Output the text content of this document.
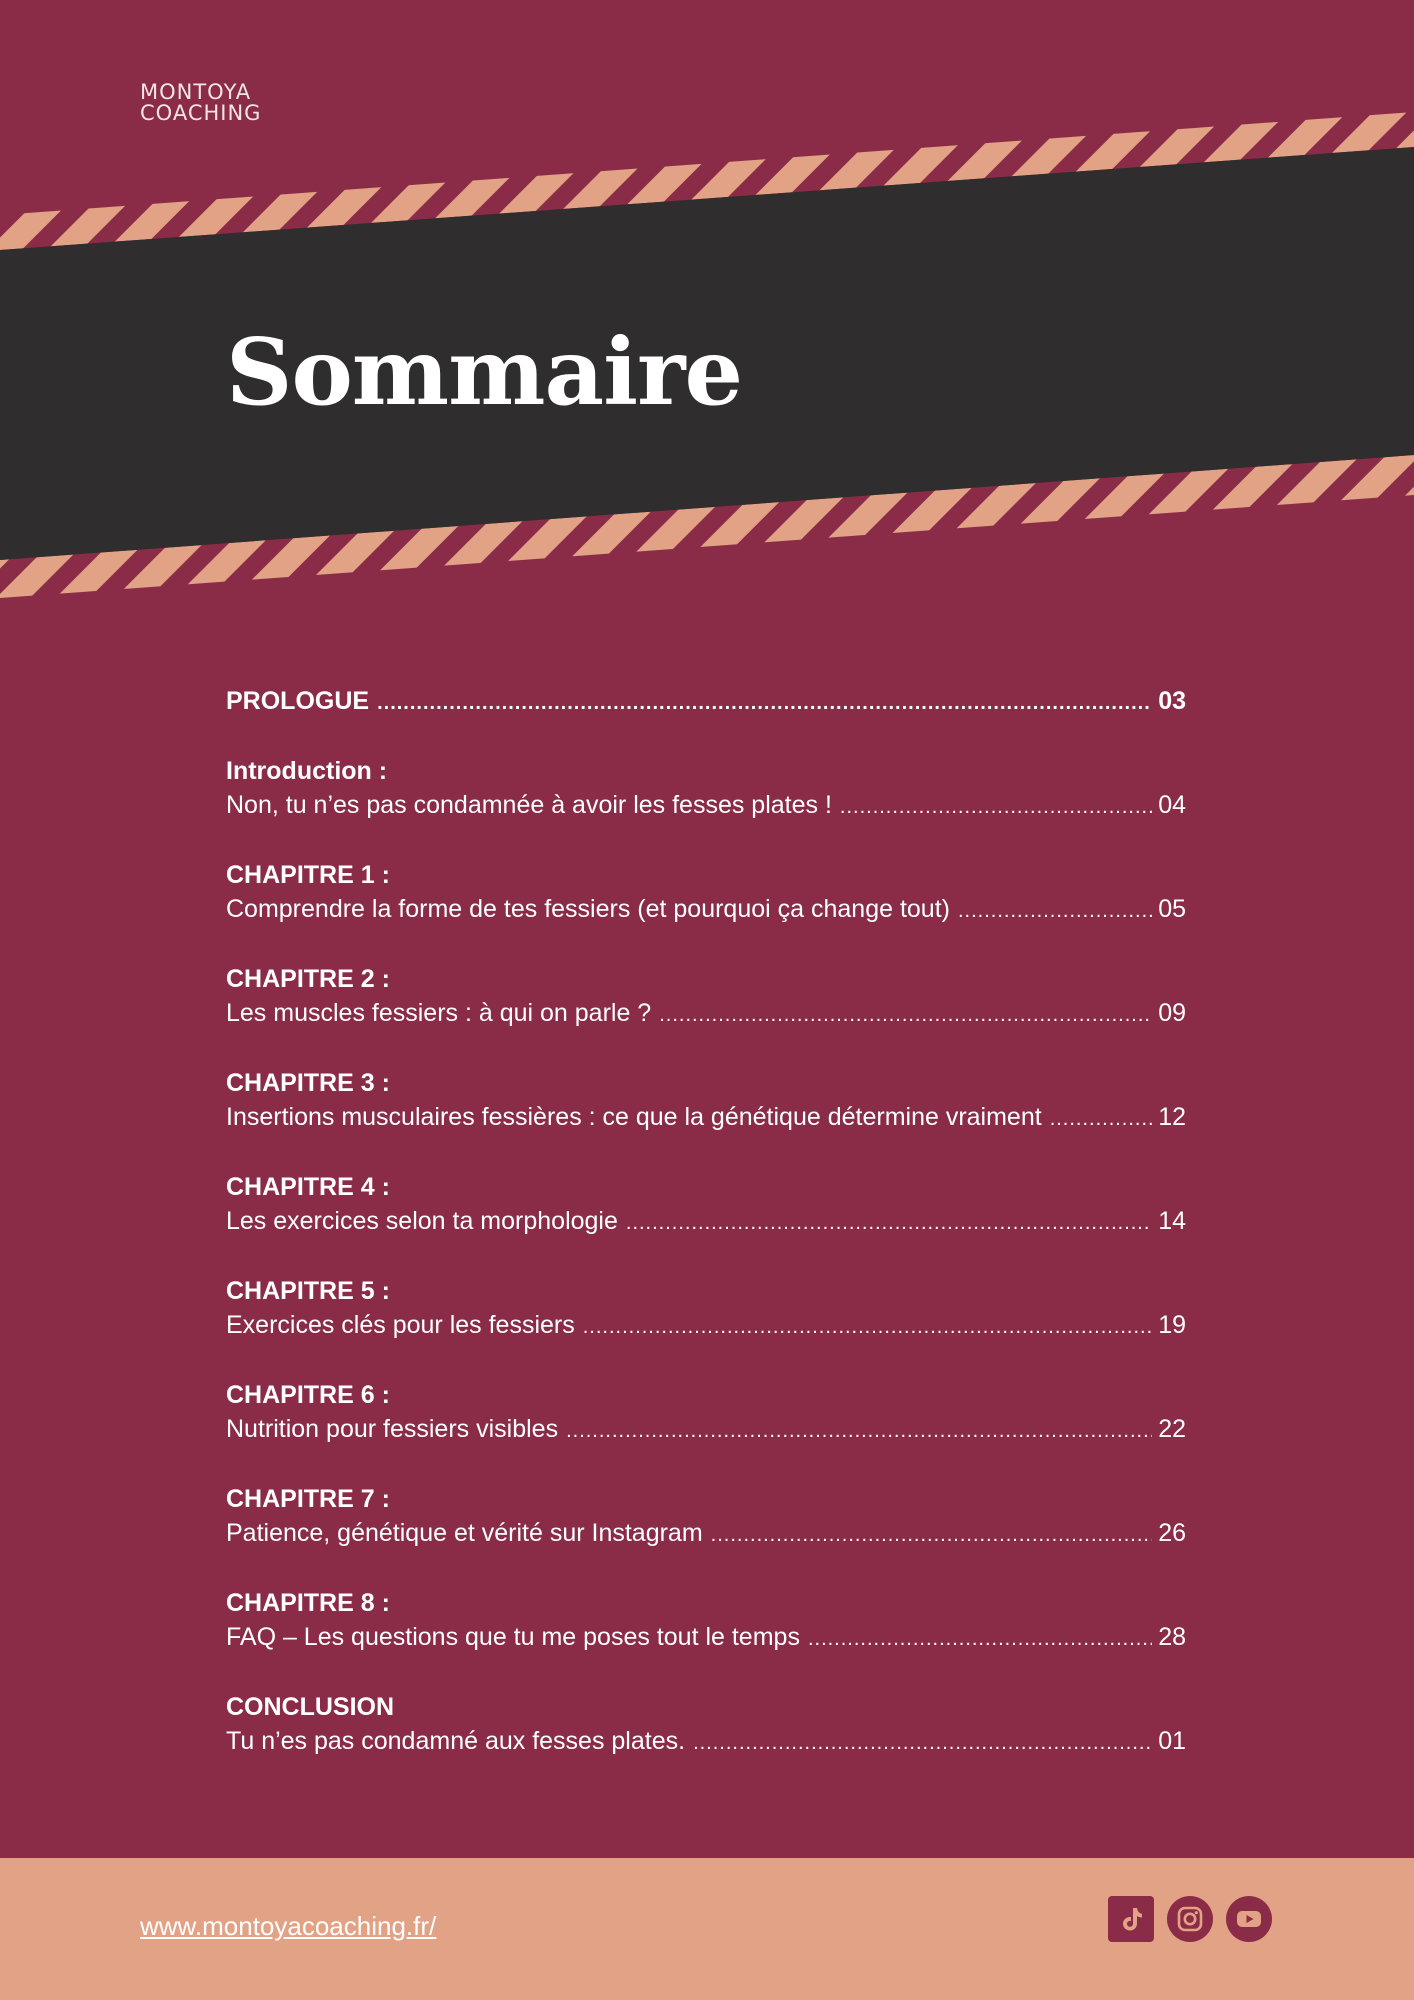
MONTOYA
COACHING
Sommaire
PROLOGUE .....	03
Introduction :
Non, tu n’es pas condamnée à avoir les fesses plates ! .....	04
CHAPITRE 1 :
Comprendre la forme de tes fessiers (et pourquoi ça change tout) .....	05
CHAPITRE 2 :
Les muscles fessiers : à qui on parle ? .....	09
CHAPITRE 3 :
Insertions musculaires fessières : ce que la génétique détermine vraiment .....	12
CHAPITRE 4 :
Les exercices selon ta morphologie .....	14
CHAPITRE 5 :
Exercices clés pour les fessiers .....	19
CHAPITRE 6 :
Nutrition pour fessiers visibles .....	22
CHAPITRE 7 :
Patience, génétique et vérité sur Instagram .....	26
CHAPITRE 8 :
FAQ – Les questions que tu me poses tout le temps .....	28
CONCLUSION
Tu n’es pas condamné aux fesses plates. .....	01
www.montoyacoaching.fr/
